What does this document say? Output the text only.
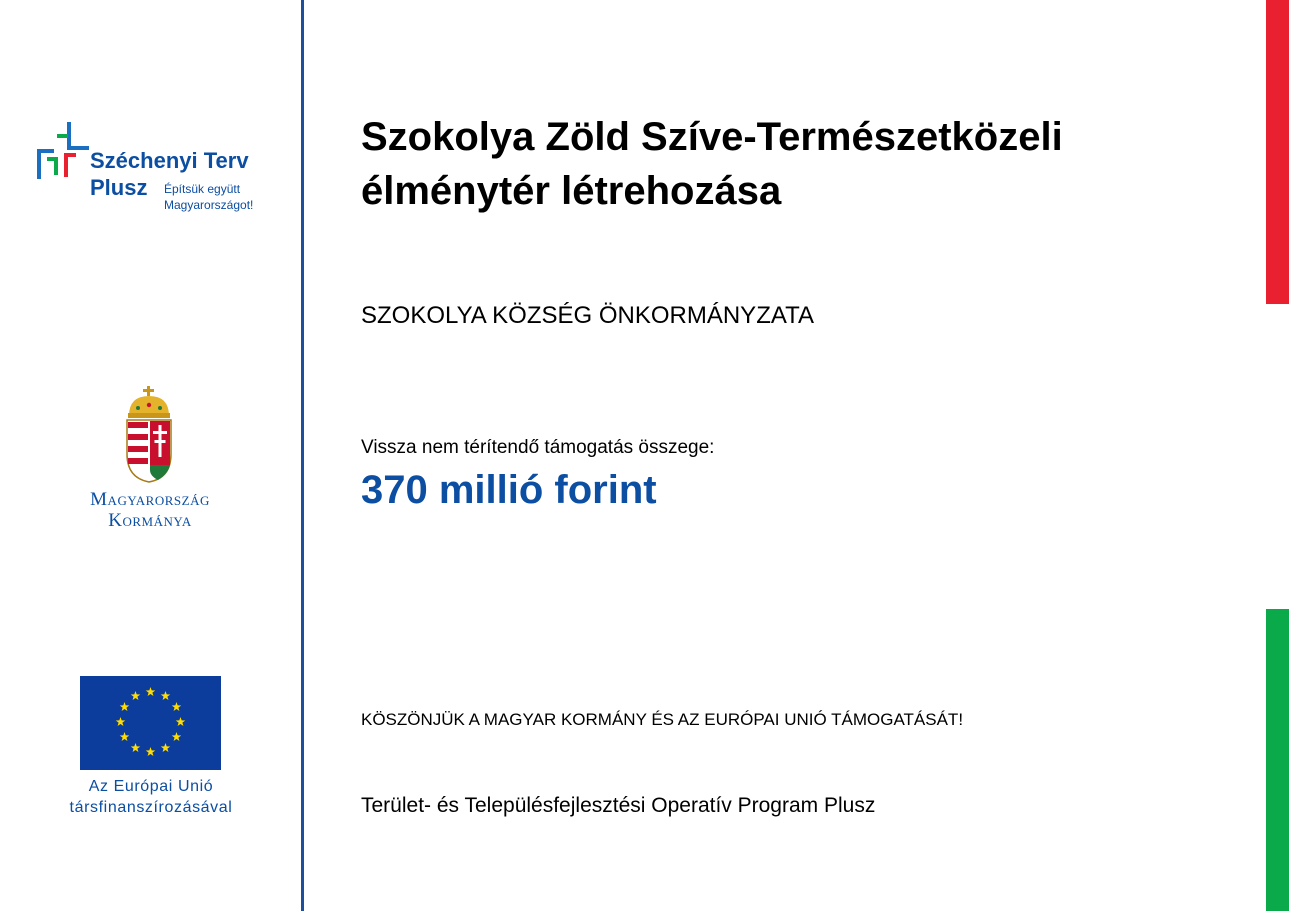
Széchenyi Terv
Plusz Építsük együtt
Magyarországot!
Magyarország
Kormánya
Az Európai Unió
társfinanszírozásával
Szokolya Zöld Szíve-Természetközeli élménytér létrehozása
SZOKOLYA KÖZSÉG ÖNKORMÁNYZATA
Vissza nem térítendő támogatás összege:
370 millió forint
KÖSZÖNJÜK A MAGYAR KORMÁNY ÉS AZ EURÓPAI UNIÓ TÁMOGATÁSÁT!
Terület- és Településfejlesztési Operatív Program Plusz
